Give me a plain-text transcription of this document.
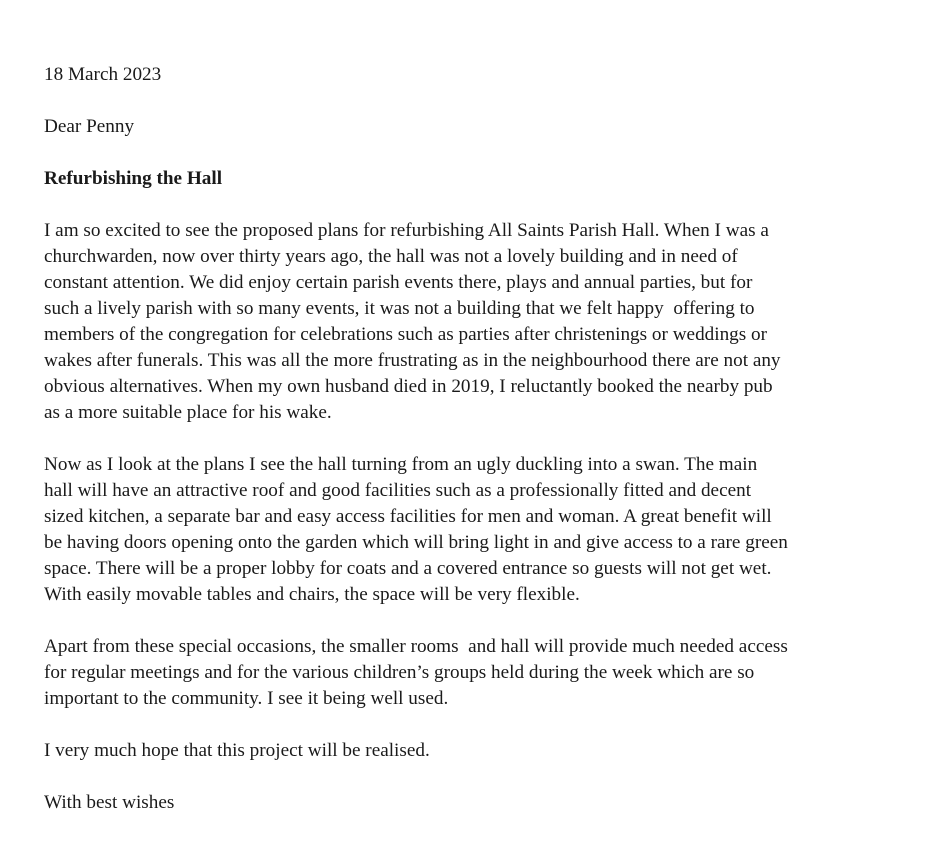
18 March 2023

Dear Penny

Refurbishing the Hall

I am so excited to see the proposed plans for refurbishing All Saints Parish Hall. When I was a
churchwarden, now over thirty years ago, the hall was not a lovely building and in need of
constant attention. We did enjoy certain parish events there, plays and annual parties, but for
such a lively parish with so many events, it was not a building that we felt happy  offering to
members of the congregation for celebrations such as parties after christenings or weddings or
wakes after funerals. This was all the more frustrating as in the neighbourhood there are not any
obvious alternatives. When my own husband died in 2019, I reluctantly booked the nearby pub
as a more suitable place for his wake.

Now as I look at the plans I see the hall turning from an ugly duckling into a swan. The main
hall will have an attractive roof and good facilities such as a professionally fitted and decent
sized kitchen, a separate bar and easy access facilities for men and woman. A great benefit will
be having doors opening onto the garden which will bring light in and give access to a rare green
space. There will be a proper lobby for coats and a covered entrance so guests will not get wet.
With easily movable tables and chairs, the space will be very flexible.

Apart from these special occasions, the smaller rooms  and hall will provide much needed access
for regular meetings and for the various children’s groups held during the week which are so
important to the community. I see it being well used.

I very much hope that this project will be realised.

With best wishes
